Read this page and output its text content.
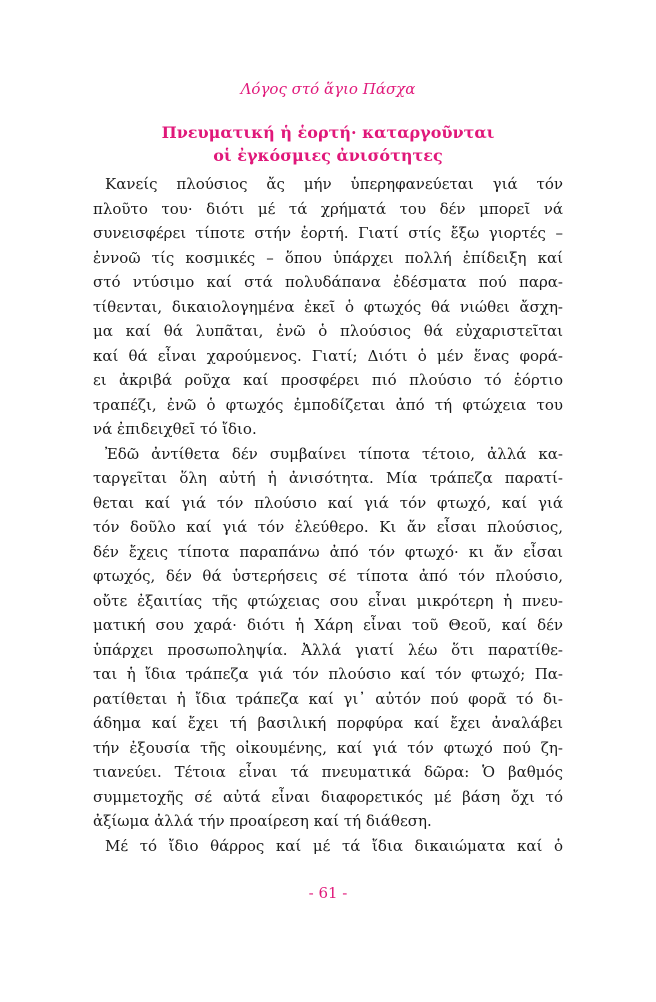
Λόγος στό ἅγιο Πάσχα
Πνευματική ἡ ἑορτή· καταργοῦνται
οἱ ἐγκόσμιες ἀνισότητες
Κανείς πλούσιος ἄς μήν ὑπερηφανεύεται γιά τόν
πλοῦτο του· διότι μέ τά χρήματά του δέν μπορεῖ νά
συνεισφέρει τίποτε στήν ἑορτή. Γιατί στίς ἔξω γιορτές –
ἐννοῶ τίς κοσμικές – ὅπου ὑπάρχει πολλή ἐπίδειξη καί
στό ντύσιμο καί στά πολυδάπανα ἐδέσματα πού παρα-
τίθενται, δικαιολογημένα ἐκεῖ ὁ φτωχός θά νιώθει ἄσχη-
μα καί θά λυπᾶται, ἐνῶ ὁ πλούσιος θά εὐχαριστεῖται
καί θά εἶναι χαρούμενος. Γιατί; Διότι ὁ μέν ἕνας φορά-
ει ἀκριβά ροῦχα καί προσφέρει πιό πλούσιο τό ἑόρτιο
τραπέζι, ἐνῶ ὁ φτωχός ἐμποδίζεται ἀπό τή φτώχεια του
νά ἐπιδειχθεῖ τό ἴδιο.
Ἐδῶ ἀντίθετα δέν συμβαίνει τίποτα τέτοιο, ἀλλά κα-
ταργεῖται ὅλη αὐτή ἡ ἀνισότητα. Μία τράπεζα παρατί-
θεται καί γιά τόν πλούσιο καί γιά τόν φτωχό, καί γιά
τόν δοῦλο καί γιά τόν ἐλεύθερο. Κι ἄν εἶσαι πλούσιος,
δέν ἔχεις τίποτα παραπάνω ἀπό τόν φτωχό· κι ἄν εἶσαι
φτωχός, δέν θά ὑστερήσεις σέ τίποτα ἀπό τόν πλούσιο,
οὔτε ἐξαιτίας τῆς φτώχειας σου εἶναι μικρότερη ἡ πνευ-
ματική σου χαρά· διότι ἡ Χάρη εἶναι τοῦ Θεοῦ, καί δέν
ὑπάρχει προσωποληψία. Ἀλλά γιατί λέω ὅτι παρατίθε-
ται ἡ ἴδια τράπεζα γιά τόν πλούσιο καί τόν φτωχό; Πα-
ρατίθεται ἡ ἴδια τράπεζα καί γι᾿ αὐτόν πού φορᾶ τό δι-
άδημα καί ἔχει τή βασιλική πορφύρα καί ἔχει ἀναλάβει
τήν ἐξουσία τῆς οἰκουμένης, καί γιά τόν φτωχό πού ζη-
τιανεύει. Τέτοια εἶναι τά πνευματικά δῶρα: Ὁ βαθμός
συμμετοχῆς σέ αὐτά εἶναι διαφορετικός μέ βάση ὄχι τό
ἀξίωμα ἀλλά τήν προαίρεση καί τή διάθεση.
Μέ τό ἴδιο θάρρος καί μέ τά ἴδια δικαιώματα καί ὁ
- 61 -
